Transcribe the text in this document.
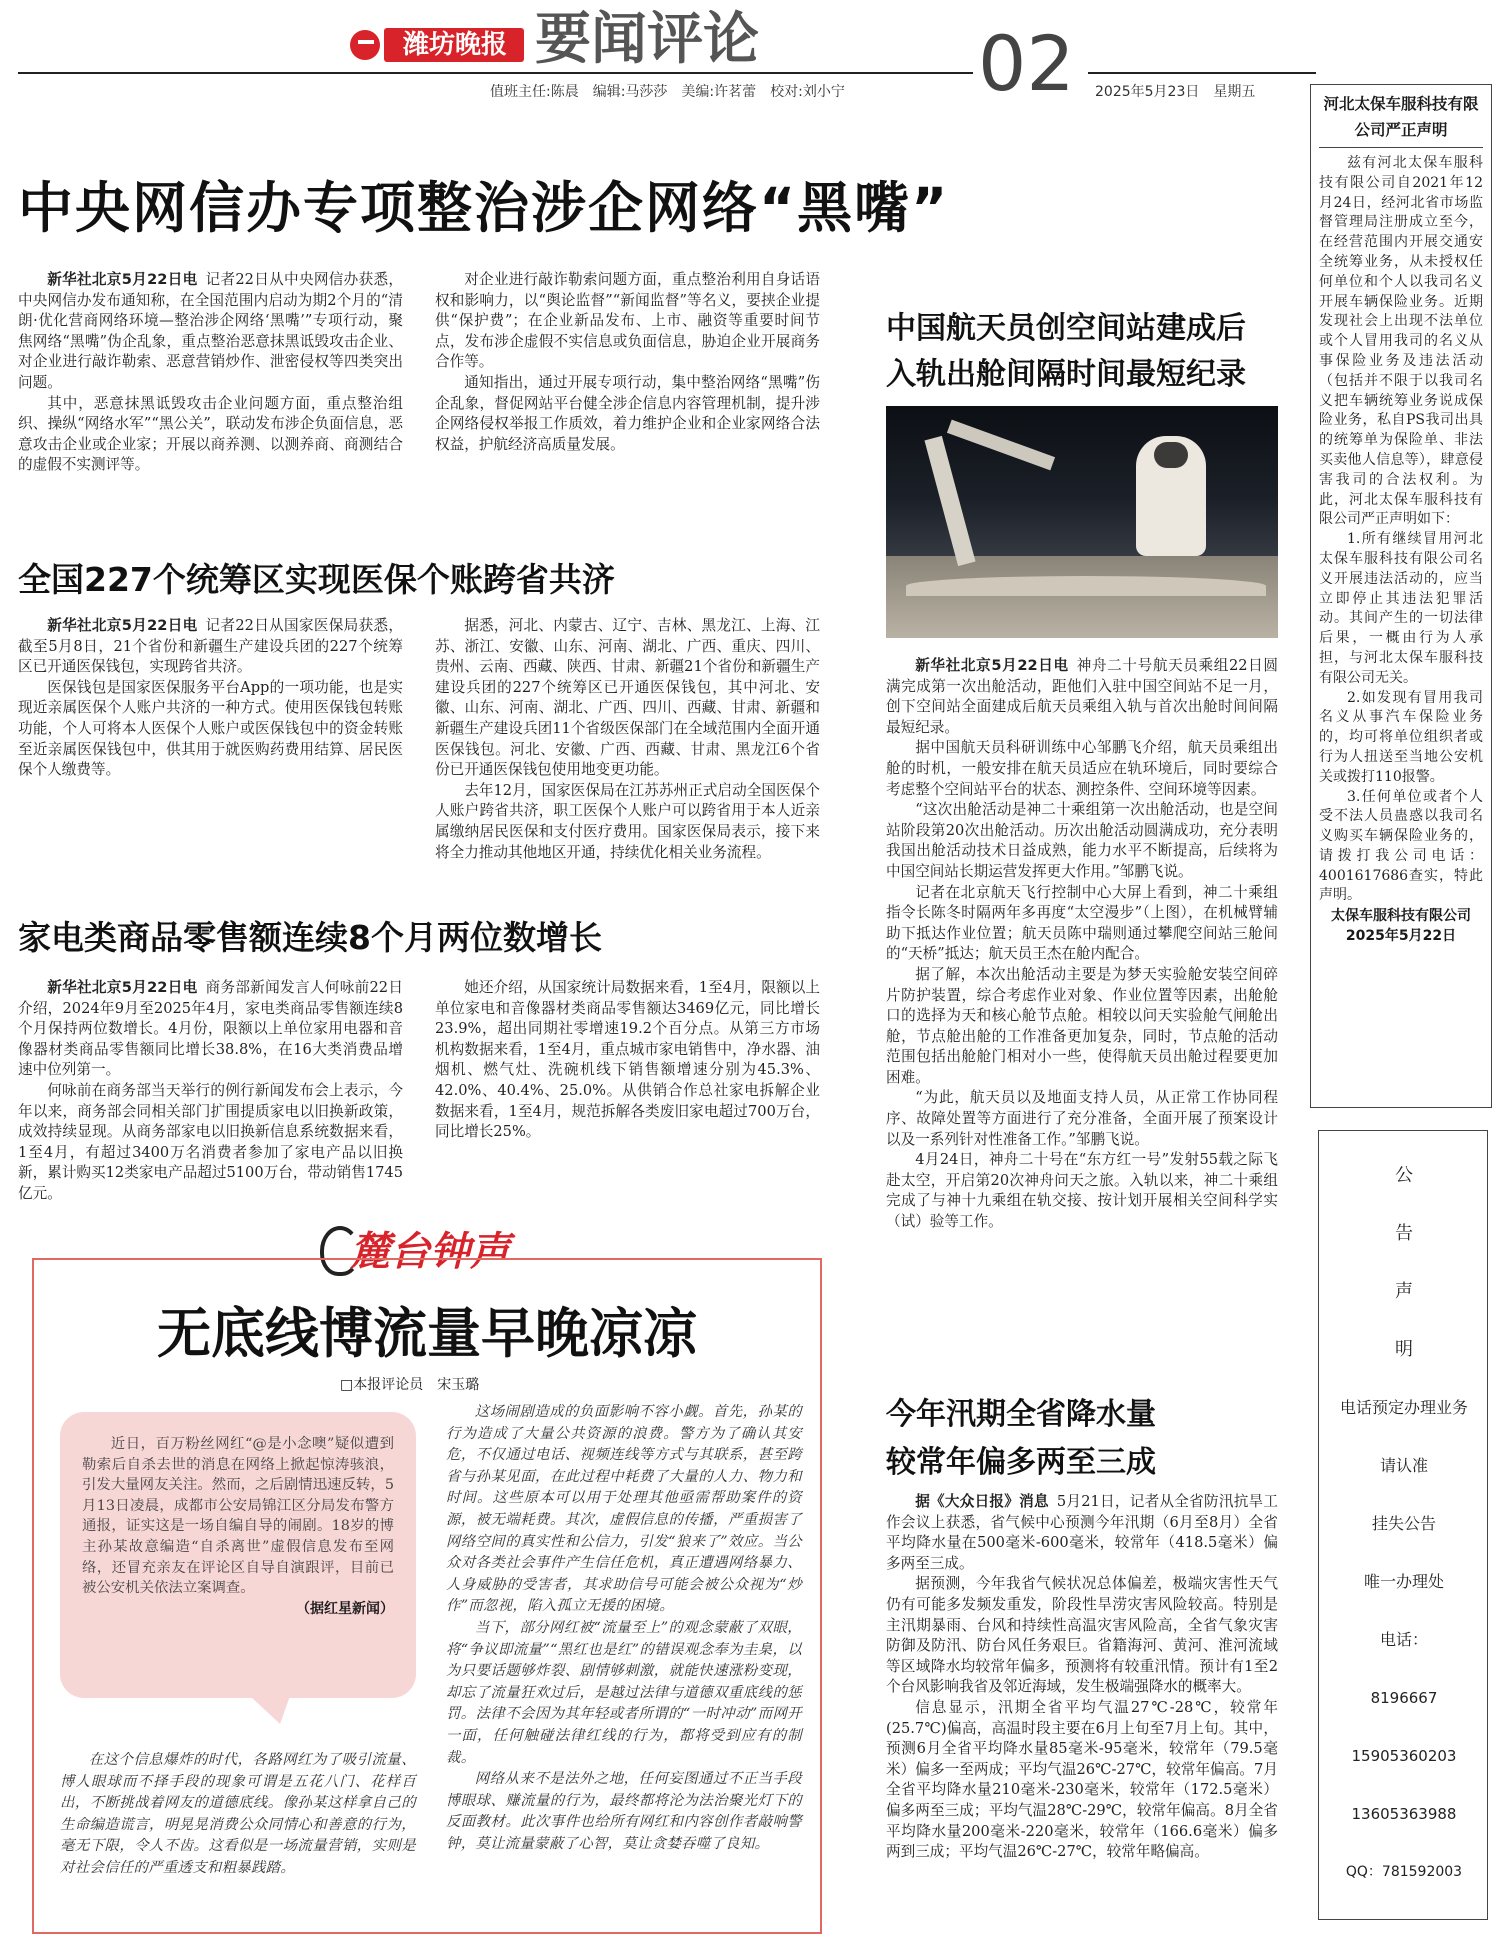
潍坊晚报 要闻评论	02
值班主任:陈晨　编辑:马莎莎　美编:许茗蕾　校对:刘小宁	2025年5月23日　星期五
中央网信办专项整治涉企网络“黑嘴”

新华社北京5月22日电 记者22日从中央网信办获悉，中央网信办发布通知称，在全国范围内启动为期2个月的“清朗·优化营商网络环境—整治涉企网络‘黑嘴’”专项行动，聚焦网络“黑嘴”伪企乱象，重点整治恶意抹黑诋毁攻击企业、对企业进行敲诈勒索、恶意营销炒作、泄密侵权等四类突出问题。

其中，恶意抹黑诋毁攻击企业问题方面，重点整治组织、操纵“网络水军”“黑公关”，联动发布涉企负面信息，恶意攻击企业或企业家；开展以商养测、以测养商、商测结合的虚假不实测评等。

对企业进行敲诈勒索问题方面，重点整治利用自身话语权和影响力，以“舆论监督”“新闻监督”等名义，要挟企业提供“保护费”；在企业新品发布、上市、融资等重要时间节点，发布涉企虚假不实信息或负面信息，胁迫企业开展商务合作等。

通知指出，通过开展专项行动，集中整治网络“黑嘴”伤企乱象，督促网站平台健全涉企信息内容管理机制，提升涉企网络侵权举报工作质效，着力维护企业和企业家网络合法权益，护航经济高质量发展。

全国227个统筹区实现医保个账跨省共济

新华社北京5月22日电 记者22日从国家医保局获悉，截至5月8日，21个省份和新疆生产建设兵团的227个统筹区已开通医保钱包，实现跨省共济。

医保钱包是国家医保服务平台App的一项功能，也是实现近亲属医保个人账户共济的一种方式。使用医保钱包转账功能，个人可将本人医保个人账户或医保钱包中的资金转账至近亲属医保钱包中，供其用于就医购药费用结算、居民医保个人缴费等。

据悉，河北、内蒙古、辽宁、吉林、黑龙江、上海、江苏、浙江、安徽、山东、河南、湖北、广西、重庆、四川、贵州、云南、西藏、陕西、甘肃、新疆21个省份和新疆生产建设兵团的227个统筹区已开通医保钱包，其中河北、安徽、山东、河南、湖北、广西、四川、西藏、甘肃、新疆和新疆生产建设兵团11个省级医保部门在全域范围内全面开通医保钱包。河北、安徽、广西、西藏、甘肃、黑龙江6个省份已开通医保钱包使用地变更功能。

去年12月，国家医保局在江苏苏州正式启动全国医保个人账户跨省共济，职工医保个人账户可以跨省用于本人近亲属缴纳居民医保和支付医疗费用。国家医保局表示，接下来将全力推动其他地区开通，持续优化相关业务流程。

家电类商品零售额连续8个月两位数增长

新华社北京5月22日电 商务部新闻发言人何咏前22日介绍，2024年9月至2025年4月，家电类商品零售额连续8个月保持两位数增长。4月份，限额以上单位家用电器和音像器材类商品零售额同比增长38.8%，在16大类消费品增速中位列第一。

何咏前在商务部当天举行的例行新闻发布会上表示，今年以来，商务部会同相关部门扩围提质家电以旧换新政策，成效持续显现。从商务部家电以旧换新信息系统数据来看，1至4月，有超过3400万名消费者参加了家电产品以旧换新，累计购买12类家电产品超过5100万台，带动销售1745亿元。

她还介绍，从国家统计局数据来看，1至4月，限额以上单位家电和音像器材类商品零售额达3469亿元，同比增长23.9%，超出同期社零增速19.2个百分点。从第三方市场机构数据来看，1至4月，重点城市家电销售中，净水器、油烟机、燃气灶、洗碗机线下销售额增速分别为45.3%、42.0%、40.4%、25.0%。从供销合作总社家电拆解企业数据来看，1至4月，规范拆解各类废旧家电超过700万台，同比增长25%。

麓台钟声
无底线博流量早晚凉凉
□本报评论员　宋玉璐

近日，百万粉丝网红“@是小念噢”疑似遭到勒索后自杀去世的消息在网络上掀起惊涛骇浪，引发大量网友关注。然而，之后剧情迅速反转，5月13日凌晨，成都市公安局锦江区分局发布警方通报，证实这是一场自编自导的闹剧。18岁的博主孙某故意编造“自杀离世”虚假信息发布至网络，还冒充亲友在评论区自导自演跟评，目前已被公安机关依法立案调查。

（据红星新闻）

在这个信息爆炸的时代，各路网红为了吸引流量、博人眼球而不择手段的现象可谓是五花八门、花样百出，不断挑战着网友的道德底线。像孙某这样拿自己的生命编造谎言，明晃晃消费公众同情心和善意的行为，毫无下限，令人不齿。这看似是一场流量营销，实则是对社会信任的严重透支和粗暴践踏。

这场闹剧造成的负面影响不容小觑。首先，孙某的行为造成了大量公共资源的浪费。警方为了确认其安危，不仅通过电话、视频连线等方式与其联系，甚至跨省与孙某见面，在此过程中耗费了大量的人力、物力和时间。这些原本可以用于处理其他亟需帮助案件的资源，被无端耗费。其次，虚假信息的传播，严重损害了网络空间的真实性和公信力，引发“狼来了”效应。当公众对各类社会事件产生信任危机，真正遭遇网络暴力、人身威胁的受害者，其求助信号可能会被公众视为“炒作”而忽视，陷入孤立无援的困境。

当下，部分网红被“流量至上”的观念蒙蔽了双眼，将“争议即流量”“黑红也是红”的错误观念奉为圭臬，以为只要话题够炸裂、剧情够刺激，就能快速涨粉变现，却忘了流量狂欢过后，是越过法律与道德双重底线的惩罚。法律不会因为其年轻或者所谓的“一时冲动”而网开一面，任何触碰法律红线的行为，都将受到应有的制裁。

网络从来不是法外之地，任何妄图通过不正当手段博眼球、赚流量的行为，最终都将沦为法治聚光灯下的反面教材。此次事件也给所有网红和内容创作者敲响警钟，莫让流量蒙蔽了心智，莫让贪婪吞噬了良知。

中国航天员创空间站建成后
入轨出舱间隔时间最短纪录

新华社北京5月22日电 神舟二十号航天员乘组22日圆满完成第一次出舱活动，距他们入驻中国空间站不足一月，创下空间站全面建成后航天员乘组入轨与首次出舱时间间隔最短纪录。

据中国航天员科研训练中心邹鹏飞介绍，航天员乘组出舱的时机，一般安排在航天员适应在轨环境后，同时要综合考虑整个空间站平台的状态、测控条件、空间环境等因素。

“这次出舱活动是神二十乘组第一次出舱活动，也是空间站阶段第20次出舱活动。历次出舱活动圆满成功，充分表明我国出舱活动技术日益成熟，能力水平不断提高，后续将为中国空间站长期运营发挥更大作用。”邹鹏飞说。

记者在北京航天飞行控制中心大屏上看到，神二十乘组指令长陈冬时隔两年多再度“太空漫步”（上图），在机械臂辅助下抵达作业位置；航天员陈中瑞则通过攀爬空间站三舱间的“天桥”抵达；航天员王杰在舱内配合。

据了解，本次出舱活动主要是为梦天实验舱安装空间碎片防护装置，综合考虑作业对象、作业位置等因素，出舱舱口的选择为天和核心舱节点舱。相较以问天实验舱气闸舱出舱，节点舱出舱的工作准备更加复杂，同时，节点舱的活动范围包括出舱舱门相对小一些，使得航天员出舱过程要更加困难。

“为此，航天员以及地面支持人员，从正常工作协同程序、故障处置等方面进行了充分准备，全面开展了预案设计以及一系列针对性准备工作。”邹鹏飞说。

4月24日，神舟二十号在“东方红一号”发射55载之际飞赴太空，开启第20次神舟问天之旅。入轨以来，神二十乘组完成了与神十九乘组在轨交接、按计划开展相关空间科学实（试）验等工作。

今年汛期全省降水量
较常年偏多两至三成

据《大众日报》消息 5月21日，记者从全省防汛抗旱工作会议上获悉，省气候中心预测今年汛期（6月至8月）全省平均降水量在500毫米-600毫米，较常年（418.5毫米）偏多两至三成。

据预测，今年我省气候状况总体偏差，极端灾害性天气仍有可能多发频发重发，阶段性旱涝灾害风险较高。特别是主汛期暴雨、台风和持续性高温灾害风险高，全省气象灾害防御及防汛、防台风任务艰巨。省籍海河、黄河、淮河流域等区域降水均较常年偏多，预测将有较重汛情。预计有1至2个台风影响我省及邻近海域，发生极端强降水的概率大。

信息显示，汛期全省平均气温27℃-28℃，较常年(25.7℃)偏高，高温时段主要在6月上旬至7月上旬。其中，预测6月全省平均降水量85毫米-95毫米，较常年（79.5毫米）偏多一至两成；平均气温26℃-27℃，较常年偏高。7月全省平均降水量210毫米-230毫米，较常年（172.5毫米）偏多两至三成；平均气温28℃-29℃，较常年偏高。8月全省平均降水量200毫米-220毫米，较常年（166.6毫米）偏多两到三成；平均气温26℃-27℃，较常年略偏高。

河北太保车服科技有限公司严正声明

兹有河北太保车服科技有限公司自2021年12月24日，经河北省市场监督管理局注册成立至今，在经营范围内开展交通安全统筹业务，从未授权任何单位和个人以我司名义开展车辆保险业务。近期发现社会上出现不法单位或个人冒用我司的名义从事保险业务及违法活动（包括并不限于以我司名义把车辆统筹业务说成保险业务，私自PS我司出具的统筹单为保险单、非法买卖他人信息等），肆意侵害我司的合法权利。为此，河北太保车服科技有限公司严正声明如下：

1.所有继续冒用河北太保车服科技有限公司名义开展违法活动的，应当立即停止其违法犯罪活动。其间产生的一切法律后果，一概由行为人承担，与河北太保车服科技有限公司无关。

2.如发现有冒用我司名义从事汽车保险业务的，均可将单位组织者或行为人扭送至当地公安机关或拨打110报警。

3.任何单位或者个人受不法人员蛊惑以我司名义购买车辆保险业务的，请拨打我公司电话：4001617686查实，特此声明。

太保车服科技有限公司

2025年5月22日

公
告
声
明
电话预定办理业务
请认准
挂失公告
唯一办理处
电话：
8196667
15905360203
13605363988
QQ：781592003
